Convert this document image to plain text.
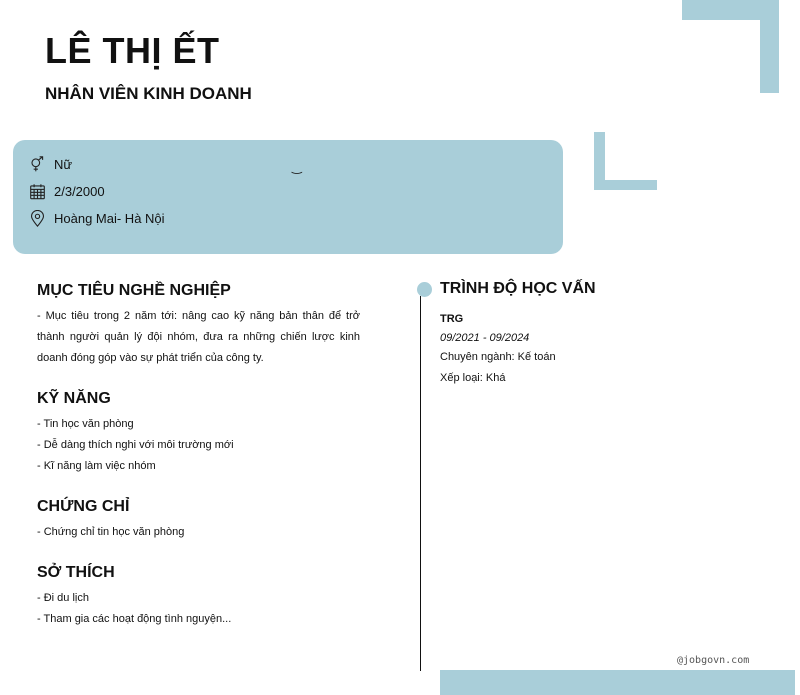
LÊ THỊ ẾT
NHÂN VIÊN KINH DOANH
Nữ
2/3/2000
Hoàng Mai- Hà Nội
‿
MỤC TIÊU NGHỀ NGHIỆP

- Mục tiêu trong 2 năm tới: nâng cao kỹ năng bản thân để trở thành người quản lý đội nhóm, đưa ra những chiến lược kinh doanh đóng góp vào sự phát triển của công ty.

KỸ NĂNG

- Tin học văn phòng

- Dễ dàng thích nghi với môi trường mới

- Kĩ năng làm việc nhóm

CHỨNG CHỈ

- Chứng chỉ tin học văn phòng

SỞ THÍCH

- Đi du lịch

- Tham gia các hoạt động tình nguyện...

TRÌNH ĐỘ HỌC VẤN

TRG

09/2021 - 09/2024

Chuyên ngành: Kế toán

Xếp loại: Khá

@jobgovn.com
